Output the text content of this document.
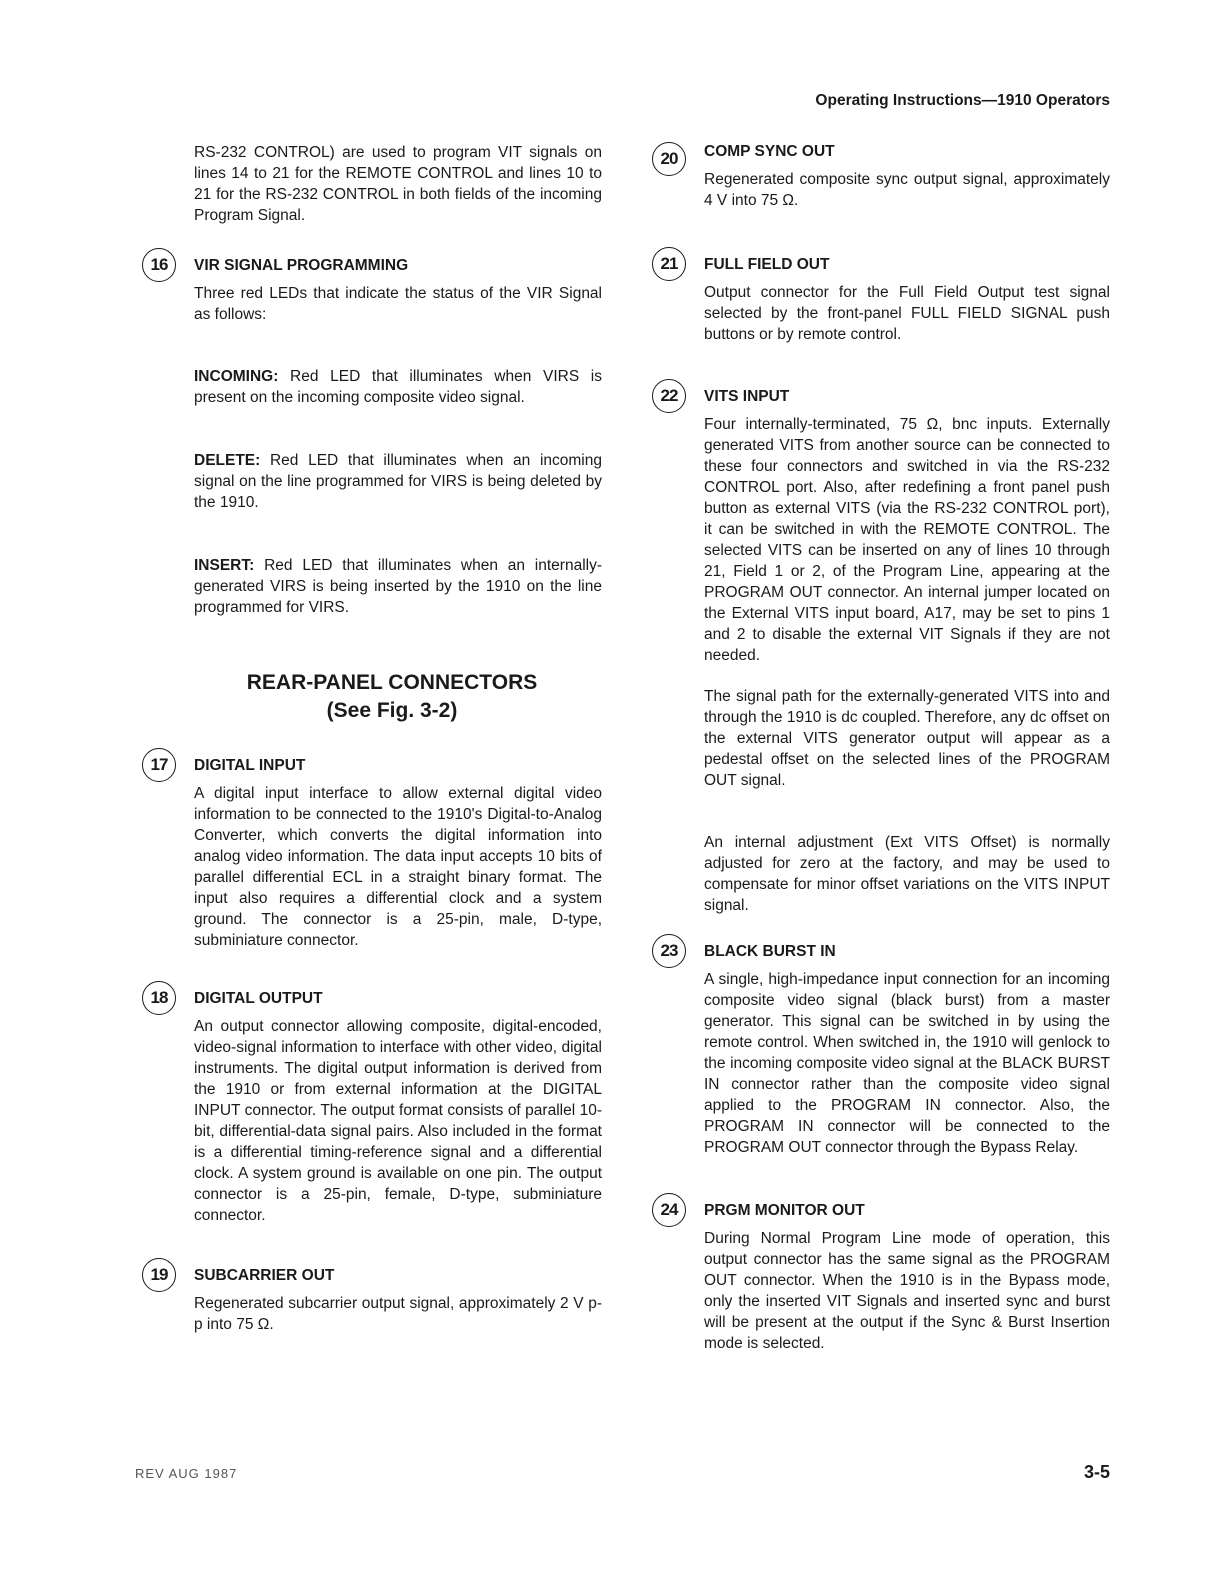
Operating Instructions—1910 Operators

RS-232 CONTROL) are used to program VIT signals on lines 14 to 21 for the REMOTE CONTROL and lines 10 to 21 for the RS-232 CONTROL in both fields of the incoming Program Signal.

16	VIR SIGNAL PROGRAMMING

Three red LEDs that indicate the status of the VIR Signal as follows:

INCOMING: Red LED that illuminates when VIRS is present on the incoming composite video signal.

DELETE: Red LED that illuminates when an incoming signal on the line programmed for VIRS is being deleted by the 1910.

INSERT: Red LED that illuminates when an internally-generated VIRS is being inserted by the 1910 on the line programmed for VIRS.

REAR-PANEL CONNECTORS
(See Fig. 3-2)
17	DIGITAL INPUT

A digital input interface to allow external digital video information to be connected to the 1910's Digital-to-Analog Converter, which converts the digital information into analog video information. The data input accepts 10 bits of parallel differential ECL in a straight binary format. The input also requires a differential clock and a system ground. The connector is a 25-pin, male, D-type, subminiature connector.

18	DIGITAL OUTPUT

An output connector allowing composite, digital-encoded, video-signal information to interface with other video, digital instruments. The digital output information is derived from the 1910 or from external information at the DIGITAL INPUT connector. The output format consists of parallel 10-bit, differential-data signal pairs. Also included in the format is a differential timing-reference signal and a differential clock. A system ground is available on one pin. The output connector is a 25-pin, female, D-type, subminiature connector.

19	SUBCARRIER OUT

Regenerated subcarrier output signal, approximately 2 V p-p into 75 Ω.

20	COMP SYNC OUT

Regenerated composite sync output signal, approximately 4 V into 75 Ω.

21	FULL FIELD OUT

Output connector for the Full Field Output test signal selected by the front-panel FULL FIELD SIGNAL push buttons or by remote control.

22	VITS INPUT

Four internally-terminated, 75 Ω, bnc inputs. Externally generated VITS from another source can be connected to these four connectors and switched in via the RS-232 CONTROL port. Also, after redefining a front panel push button as external VITS (via the RS-232 CONTROL port), it can be switched in with the REMOTE CONTROL. The selected VITS can be inserted on any of lines 10 through 21, Field 1 or 2, of the Program Line, appearing at the PROGRAM OUT connector. An internal jumper located on the External VITS input board, A17, may be set to pins 1 and 2 to disable the external VIT Signals if they are not needed.

The signal path for the externally-generated VITS into and through the 1910 is dc coupled. Therefore, any dc offset on the external VITS generator output will appear as a pedestal offset on the selected lines of the PROGRAM OUT signal.

An internal adjustment (Ext VITS Offset) is normally adjusted for zero at the factory, and may be used to compensate for minor offset variations on the VITS INPUT signal.

23	BLACK BURST IN

A single, high-impedance input connection for an incoming composite video signal (black burst) from a master generator. This signal can be switched in by using the remote control. When switched in, the 1910 will genlock to the incoming composite video signal at the BLACK BURST IN connector rather than the composite video signal applied to the PROGRAM IN connector. Also, the PROGRAM IN connector will be connected to the PROGRAM OUT connector through the Bypass Relay.

24	PRGM MONITOR OUT

During Normal Program Line mode of operation, this output connector has the same signal as the PROGRAM OUT connector. When the 1910 is in the Bypass mode, only the inserted VIT Signals and inserted sync and burst will be present at the output if the Sync & Burst Insertion mode is selected.

REV AUG 1987	3-5
